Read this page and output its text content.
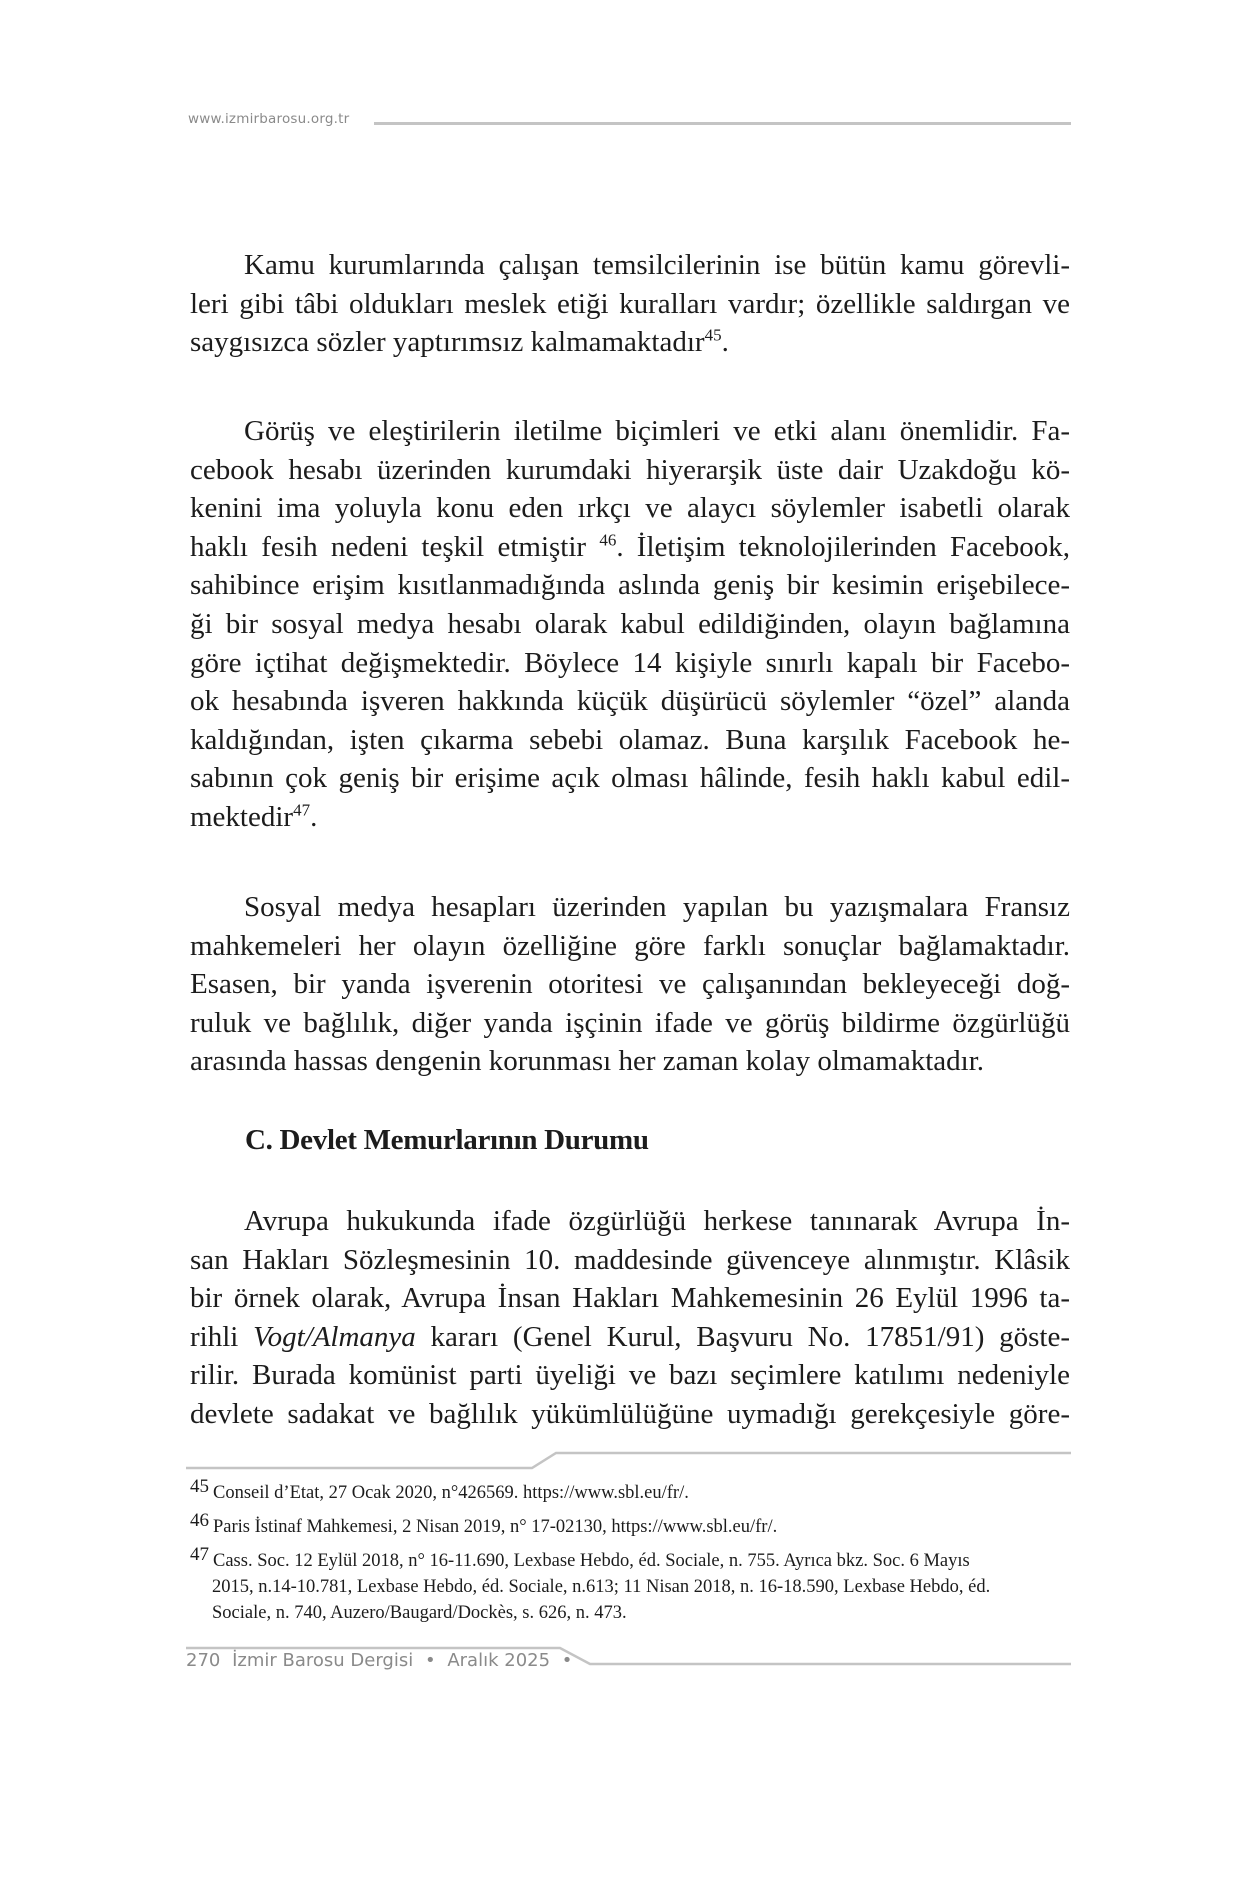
www.izmirbarosu.org.tr
Kamu kurumlarında çalışan temsilcilerinin ise bütün kamu görevli-
leri gibi tâbi oldukları meslek etiği kuralları vardır; özellikle saldırgan ve
saygısızca sözler yaptırımsız kalmamaktadır$^{45}$.
Görüş ve eleştirilerin iletilme biçimleri ve etki alanı önemlidir. Fa-
cebook hesabı üzerinden kurumdaki hiyerarşik üste dair Uzakdoğu kö-
kenini ima yoluyla konu eden ırkçı ve alaycı söylemler isabetli olarak
haklı fesih nedeni teşkil etmiştir $^{46}$. İletişim teknolojilerinden Facebook,
sahibince erişim kısıtlanmadığında aslında geniş bir kesimin erişebilece-
ği bir sosyal medya hesabı olarak kabul edildiğinden, olayın bağlamına
göre içtihat değişmektedir. Böylece 14 kişiyle sınırlı kapalı bir Facebo-
ok hesabında işveren hakkında küçük düşürücü söylemler “özel” alanda
kaldığından, işten çıkarma sebebi olamaz. Buna karşılık Facebook he-
sabının çok geniş bir erişime açık olması hâlinde, fesih haklı kabul edil-
mektedir$^{47}$.
Sosyal medya hesapları üzerinden yapılan bu yazışmalara Fransız
mahkemeleri her olayın özelliğine göre farklı sonuçlar bağlamaktadır.
Esasen, bir yanda işverenin otoritesi ve çalışanından bekleyeceği doğ-
ruluk ve bağlılık, diğer yanda işçinin ifade ve görüş bildirme özgürlüğü
arasında hassas dengenin korunması her zaman kolay olmamaktadır.
C. Devlet Memurlarının Durumu
Avrupa hukukunda ifade özgürlüğü herkese tanınarak Avrupa İn-
san Hakları Sözleşmesinin 10. maddesinde güvenceye alınmıştır. Klâsik
bir örnek olarak, Avrupa İnsan Hakları Mahkemesinin 26 Eylül 1996 ta-
rihli Vogt/Almanya kararı (Genel Kurul, Başvuru No. 17851/91) göste-
rilir. Burada komünist parti üyeliği ve bazı seçimlere katılımı nedeniyle
devlete sadakat ve bağlılık yükümlülüğüne uymadığı gerekçesiyle göre-

45 Conseil d’Etat, 27 Ocak 2020, n°426569. https://www.sbl.eu/fr/.

46 Paris İstinaf Mahkemesi, 2 Nisan 2019, n° 17-02130, https://www.sbl.eu/fr/.

47 Cass. Soc. 12 Eylül 2018, n° 16-11.690, Lexbase Hebdo, éd. Sociale, n. 755. Ayrıca bkz. Soc. 6 Mayıs
2015, n.14-10.781, Lexbase Hebdo, éd. Sociale, n.613; 11 Nisan 2018, n. 16-18.590, Lexbase Hebdo, éd.
Sociale, n. 740, Auzero/Baugard/Dockès, s. 626, n. 473.

270 İzmir Barosu Dergisi • Aralık 2025 •
